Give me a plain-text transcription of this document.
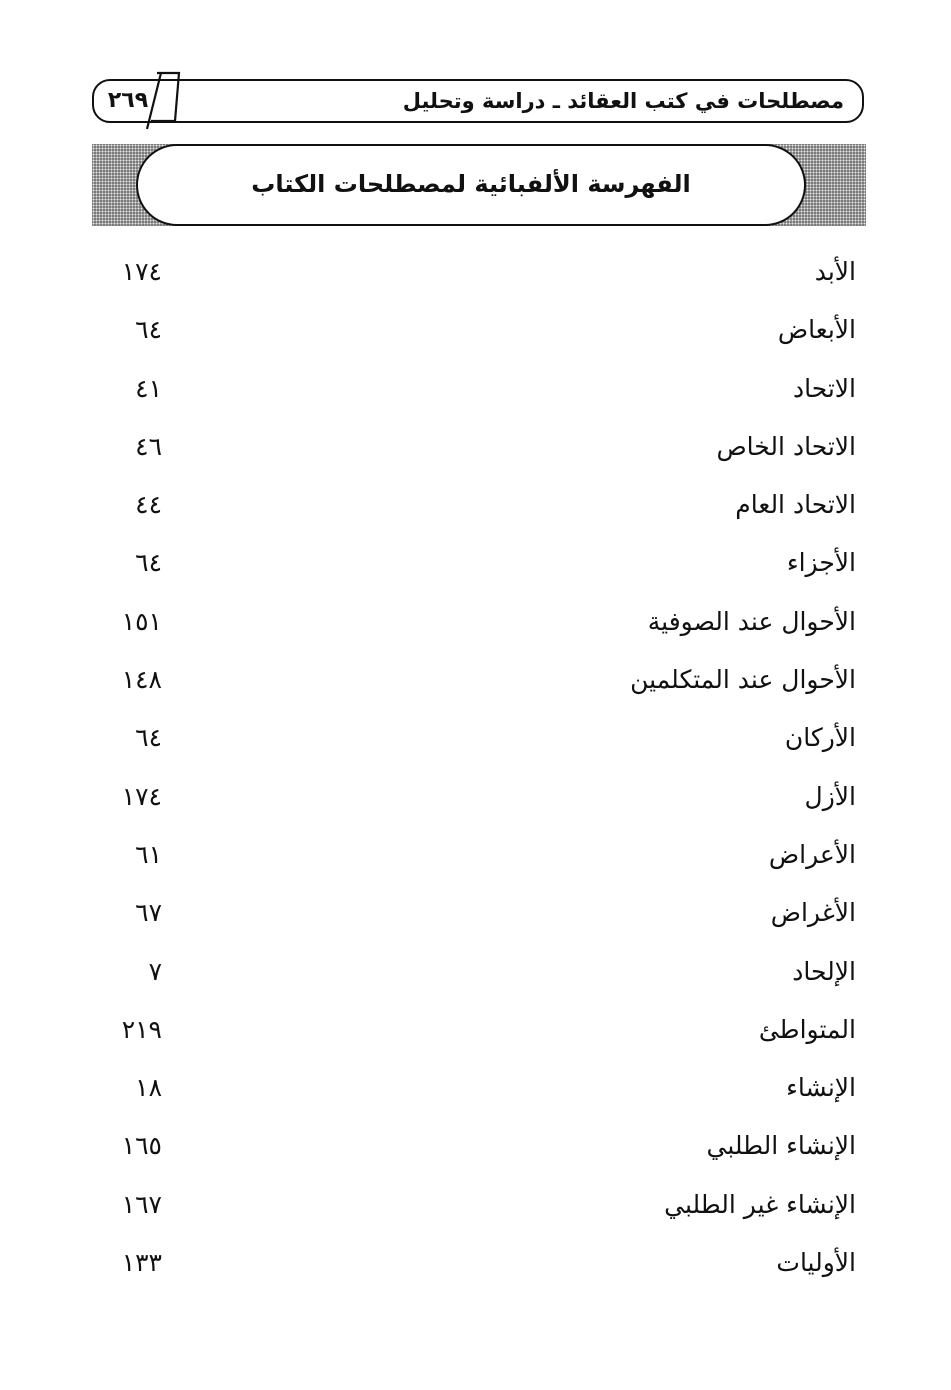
مصطلحات في كتب العقائد ـ دراسة وتحليل
٢٦٩
الفهرسة الألفبائية لمصطلحات الكتاب
الأبد
١٧٤
الأبعاض
٦٤
الاتحاد
٤١
الاتحاد الخاص
٤٦
الاتحاد العام
٤٤
الأجزاء
٦٤
الأحوال عند الصوفية
١٥١
الأحوال عند المتكلمين
١٤٨
الأركان
٦٤
الأزل
١٧٤
الأعراض
٦١
الأغراض
٦٧
الإلحاد
٧
المتواطئ
٢١٩
الإنشاء
١٨
الإنشاء الطلبي
١٦٥
الإنشاء غير الطلبي
١٦٧
الأوليات
١٣٣
